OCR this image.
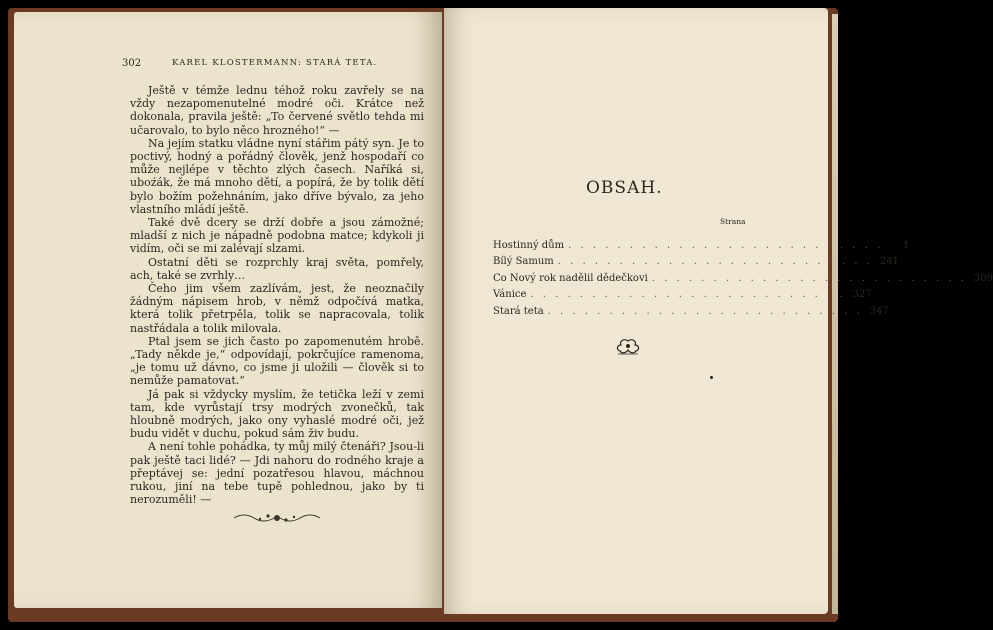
302	KAREL KLOSTERMANN: STARÁ TETA.

Ještě v témže lednu téhož roku zavřely se na vždy nezapomenutelné modré oči. Krátce než dokonala, pravila ještě: „To červené světlo tehda mi učarovalo, to bylo něco hrozného!“ —

Na jejím statku vládne nyní stářim pátý syn. Je to poctivý, hodný a pořádný člověk, jenž hospodaří co může nejlépe v těchto zlých časech. Naříká si, uboźák, že má mnoho dětí, a popírá, že by tolik dětí bylo božím požehnáním, jako dříve bývalo, za jeho vlastního mládí ještě.

Také dvě dcery se drží dobře a jsou zámožné; mladší z nich je nápadně podobna matce; kdykoli ji vidím, oči se mi zalévají slzami.

Ostatní děti se rozprchly kraj světa, pomřely, ach, také se zvrhly…

Čeho jim všem zazlívám, jest, že neoznačily žádným nápisem hrob, v němž odpočívá matka, která tolik přetrpěla, tolik se napracovala, tolik nastřádala a tolik milovala.

Ptal jsem se jich často po zapomenutém hrobě. „Tady někde je,“ odpovídají, pokrčujíce ramenoma, „je tomu už dávno, co jsme ji uložili — člověk si to nemůže pamatovat.“

Já pak si vždycky myslím, že tetička leží v zemi tam, kde vyrůstají trsy modrých zvonečků, tak hloubně modrých, jako ony vyhaslé modré oči, jež budu vidět v duchu, pokud sám živ budu.

A není tohle pohádka, ty můj milý čtenáři? Jsou-li pak ještě taci lidé? — Jdi nahoru do rodného kraje a přeptávej se: jední pozatřesou hlavou, máchnou rukou, jiní na tebe tupě pohlednou, jako by ti nerozuměli! —

OBSAH.
Strana
Hostinný dům . . . . . . . . . . . . . . . . . . . . . . . . . .	1
Bílý Samum . . . . . . . . . . . . . . . . . . . . . . . . . . 241
Co Nový rok nadělil dědečkovi . . . . . . . . . . . . . . . . . . . . . . . . . . 309
Vánice . . . . . . . . . . . . . . . . . . . . . . . . . . 327
Stará teta . . . . . . . . . . . . . . . . . . . . . . . . . . 347
